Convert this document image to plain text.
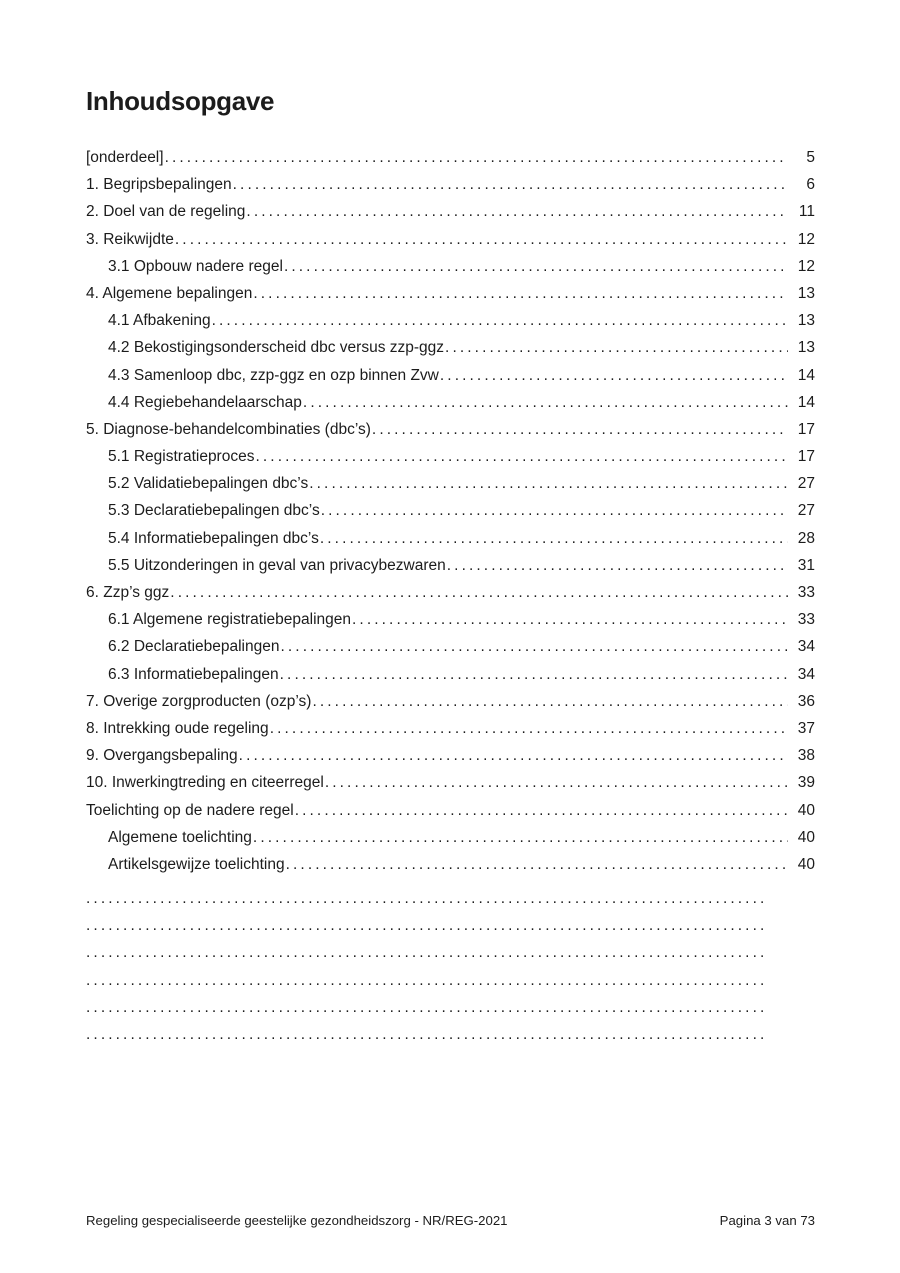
Inhoudsopgave
[onderdeel] .....	5
1. Begripsbepalingen .....	6
2. Doel van de regeling .....	11
3. Reikwijdte .....	12
3.1 Opbouw nadere regel .....	12
4. Algemene bepalingen .....	13
4.1 Afbakening .....	13
4.2 Bekostigingsonderscheid dbc versus zzp-ggz .....	13
4.3 Samenloop dbc, zzp-ggz en ozp binnen Zvw .....	14
4.4 Regiebehandelaarschap .....	14
5. Diagnose-behandelcombinaties (dbc’s) .....	17
5.1 Registratieproces .....	17
5.2 Validatiebepalingen dbc’s .....	27
5.3 Declaratiebepalingen dbc’s .....	27
5.4 Informatiebepalingen dbc’s .....	28
5.5 Uitzonderingen in geval van privacybezwaren .....	31
6. Zzp’s ggz .....	33
6.1 Algemene registratiebepalingen .....	33
6.2 Declaratiebepalingen .....	34
6.3 Informatiebepalingen .....	34
7. Overige zorgproducten (ozp’s) .....	36
8. Intrekking oude regeling .....	37
9. Overgangsbepaling .....	38
10. Inwerkingtreding en citeerregel .....	39
Toelichting op de nadere regel .....	40
Algemene toelichting .....	40
Artikelsgewijze toelichting .....	40
.....
.....
.....
.....
.....
.....
Regeling gespecialiseerde geestelijke gezondheidszorg - NR/REG-2021	Pagina 3 van 73
